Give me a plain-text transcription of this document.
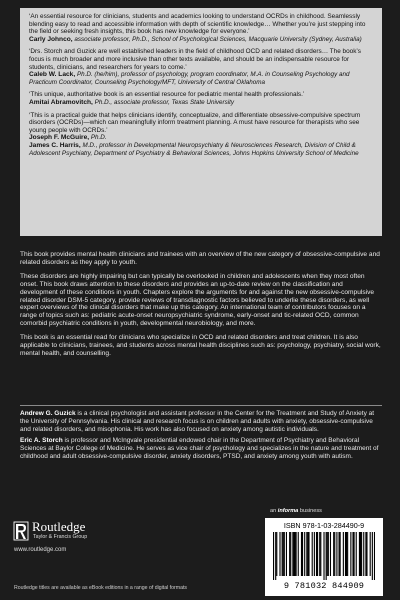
‘An essential resource for clinicians, students and academics looking to understand OCRDs in childhood. Seamlessly blending easy to read and accessible information with depth of scientific knowledge… Whether you’re just stepping into the field or seeking fresh insights, this book has new knowledge for everyone.’
Carly Johnco, associate professor, Ph.D., School of Psychological Sciences, Macquarie University (Sydney, Australia)
‘Drs. Storch and Guzick are well established leaders in the field of childhood OCD and related disorders… The book’s focus is much broader and more inclusive than other texts available, and should be an indispensable resource for students, clinicians, and researchers for years to come.’
Caleb W. Lack, Ph.D. (he/him), professor of psychology, program coordinator, M.A. in Counseling Psychology and Practicum Coordinator, Counseling Psychology/MFT, University of Central Oklahoma
‘This unique, authoritative book is an essential resource for pediatric mental health professionals.’
Amitai Abramovitch, Ph.D., associate professor, Texas State University
‘This is a practical guide that helps clinicians identify, conceptualize, and differentiate obsessive-compulsive spectrum disorders (OCRDs)—which can meaningfully inform treatment planning. A must have resource for therapists who see young people with OCRDs.’
Joseph F. McGuire, Ph.D.
James C. Harris, M.D., professor in Developmental Neuropsychiatry & Neurosciences Research, Division of Child & Adolescent Psychiatry, Department of Psychiatry & Behavioral Sciences, Johns Hopkins University School of Medicine

This book provides mental health clinicians and trainees with an overview of the new category of obsessive-compulsive and related disorders as they apply to youth.

These disorders are highly impairing but can typically be overlooked in children and adolescents when they most often onset. This book draws attention to these disorders and provides an up-to-date review on the classification and development of these conditions in youth. Chapters explore the arguments for and against the new obsessive-compulsive related disorder DSM-5 category, provide reviews of transdiagnostic factors believed to underlie these disorders, as well expert overviews of the clinical disorders that make up this category. An international team of contributors focuses on a range of topics such as: pediatric acute-onset neuropsychiatric syndrome, early-onset and tic-related OCD, common comorbid psychiatric conditions in youth, developmental neurobiology, and more.

This book is an essential read for clinicians who specialize in OCD and related disorders and treat children. It is also applicable to clinicians, trainees, and students across mental health disciplines such as: psychology, psychiatry, social work, mental health, and counselling.

Andrew G. Guzick is a clinical psychologist and assistant professor in the Center for the Treatment and Study of Anxiety at the University of Pennsylvania. His clinical and research focus is on children and adults with anxiety, obsessive-compulsive and related disorders, and misophonia. His work has also focused on anxiety among autistic individuals.

Eric A. Storch is professor and McIngvale presidential endowed chair in the Department of Psychiatry and Behavioral Sciences at Baylor College of Medicine. He serves as vice chair of psychology and specializes in the nature and treatment of childhood and adult obsessive-compulsive disorder, anxiety disorders, PTSD, and anxiety among youth with autism.

Routledge
Taylor & Francis Group
www.routledge.com
Routledge titles are available as eBook editions in a range of digital formats
an informa business
ISBN 978-1-03-284490-9
9 781032 844909
